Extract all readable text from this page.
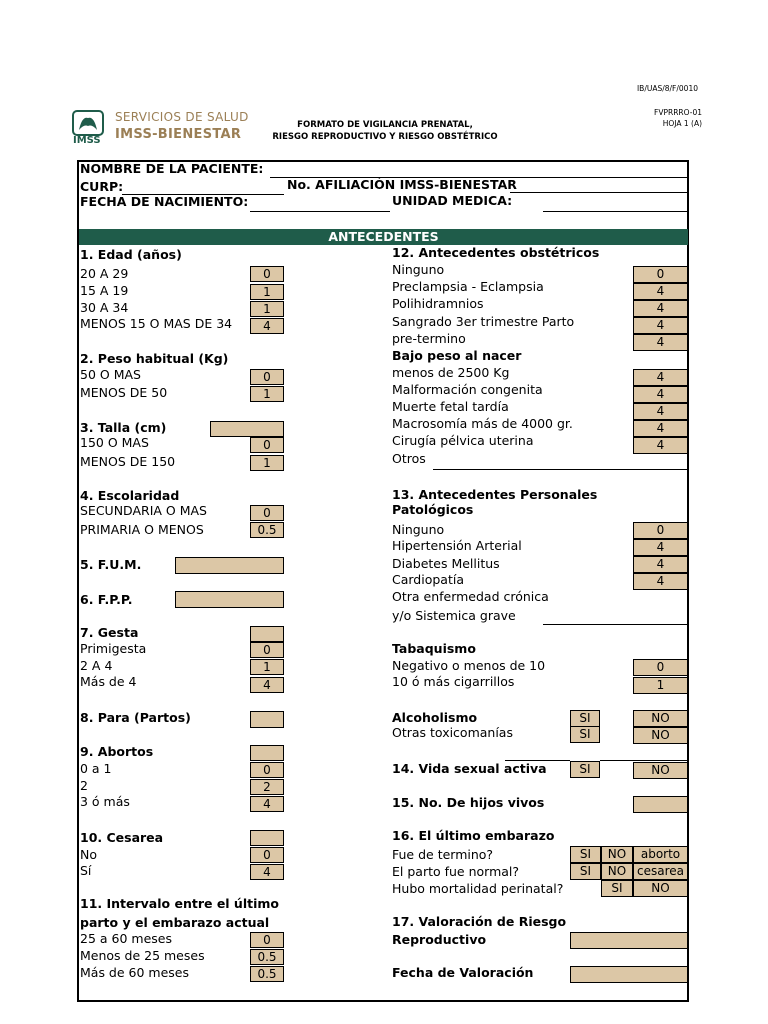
IB/UAS/8/F/0010
FVPRRRO-01
HOJA 1 (A)
IMSS
SERVICIOS DE SALUD
IMSS-BIENESTAR
FORMATO DE VIGILANCIA PRENATAL,
RIESGO REPRODUCTIVO Y RIESGO OBSTÉTRICO
NOMBRE DE LA PACIENTE:
CURP:	No. AFILIACIÓN IMSS-BIENESTAR
FECHA DE NACIMIENTO:	UNIDAD MEDICA:
ANTECEDENTES
1. Edad (años)
20 A 29	0
15 A 19	1
30 A 34	1
MENOS 15 O MAS DE 34	4
2. Peso habitual (Kg)
50 O MAS	0
MENOS DE 50	1
3. Talla (cm)
150 O MAS	0
MENOS DE 150	1
4. Escolaridad
SECUNDARIA O MAS	0
PRIMARIA O MENOS	0.5
5. F.U.M.
6. F.P.P.
7. Gesta
Primigesta	0
2 A 4	1
Más de 4	4
8. Para (Partos)
9. Abortos
0 a 1	0
2	2
3 ó más	4
10. Cesarea
No	0
Sí	4
11. Intervalo entre el último
parto y el embarazo actual
25 a 60 meses	0
Menos de 25 meses	0.5
Más de 60 meses	0.5
12. Antecedentes obstétricos
Ninguno	0
Preclampsia - Eclampsia	4
Polihidramnios	4
Sangrado 3er trimestre Parto	4
pre-termino	4
Bajo peso al nacer
menos de 2500 Kg	4
Malformación congenita	4
Muerte fetal tardía	4
Macrosomía más de 4000 gr.	4
Cirugía pélvica uterina	4
Otros
13. Antecedentes Personales
Patológicos
Ninguno	0
Hipertensión Arterial	4
Diabetes Mellitus	4
Cardiopatía	4
Otra enfermedad crónica
y/o Sistemica grave
Tabaquismo
Negativo o menos de 10	0
10 ó más cigarrillos	1
Alcoholismo	SI	NO
Otras toxicomanías	SI	NO
14. Vida sexual activa	SI	NO
15. No. De hijos vivos
16. El último embarazo
Fue de termino?	SI	NO	aborto
El parto fue normal?	SI	NO cesarea
Hubo mortalidad perinatal?	SI	NO
17. Valoración de Riesgo
Reproductivo
Fecha de Valoración
